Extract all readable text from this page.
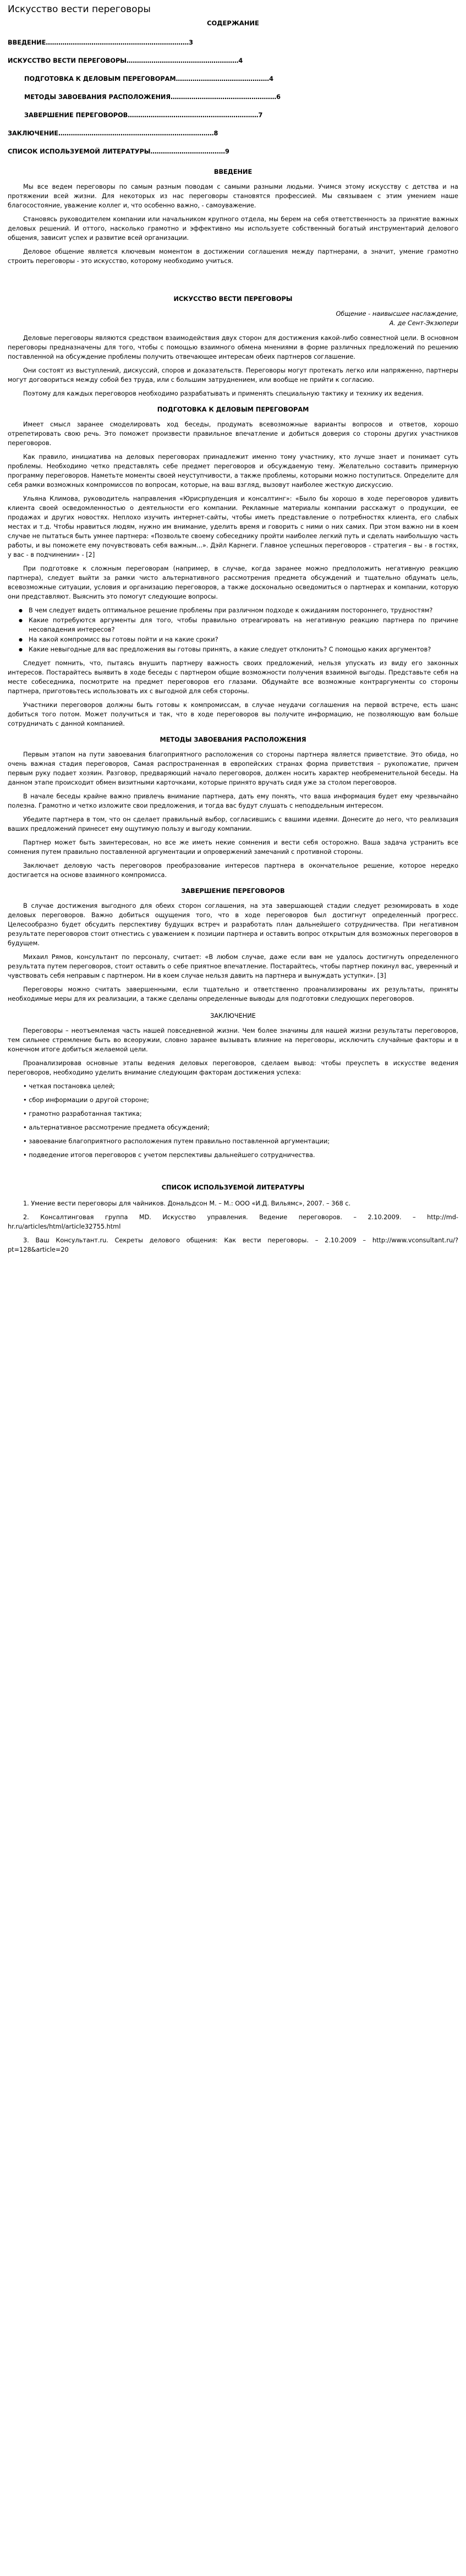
Искусство вести переговоры
СОДЕРЖАНИЕ
ВВЕДЕНИЕ……………………………………………………………3
ИСКУССТВО ВЕСТИ ПЕРЕГОВОРЫ………………………………………………4
ПОДГОТОВКА К ДЕЛОВЫМ ПЕРЕГОВОРАМ………………………………………4
МЕТОДЫ ЗАВОЕВАНИЯ РАСПОЛОЖЕНИЯ……………………………………………6
ЗАВЕРШЕНИЕ ПЕРЕГОВОРОВ………………………………………………………7
ЗАКЛЮЧЕНИЕ…………………………………………………………………8
СПИСОК ИСПОЛЬЗУЕМОЙ ЛИТЕРАТУРЫ………………………………9
ВВЕДЕНИЕ

Мы все ведем переговоры по самым разным поводам с самыми разными людьми. Учимся этому искусству с детства и на протяжении всей жизни. Для некоторых из нас переговоры становятся профессией. Мы связываем с этим умением наше благосостояние, уважение коллег и, что особенно важно, - самоуважение.

Становясь руководителем компании или начальником крупного отдела, мы берем на себя ответственность за принятие важных деловых решений. И оттого, насколько грамотно и эффективно мы используете собственный богатый инструментарий делового общения, зависит успех и развитие всей организации.

Деловое общение является ключевым моментом в достижении соглашения между партнерами, а значит, умение грамотно строить переговоры - это искусство, которому необходимо учиться.

ИСКУССТВО ВЕСТИ ПЕРЕГОВОРЫ

Общение - наивысшее наслаждение,

А. де Сент-Экзюпери

Деловые переговоры являются средством взаимодействия двух сторон для достижения какой-либо совместной цели. В основном переговоры предназначены для того, чтобы с помощью взаимного обмена мнениями в форме различных предложений по решению поставленной на обсуждение проблемы получить отвечающее интересам обеих партнеров соглашение.

Они состоят из выступлений, дискуссий, споров и доказательств. Переговоры могут протекать легко или напряженно, партнеры могут договориться между собой без труда, или с большим затруднением, или вообще не прийти к согласию.

Поэтому для каждых переговоров необходимо разрабатывать и применять специальную тактику и технику их ведения.

ПОДГОТОВКА К ДЕЛОВЫМ ПЕРЕГОВОРАМ

Имеет смысл заранее смоделировать ход беседы, продумать всевозможные варианты вопросов и ответов, хорошо отрепетировать свою речь. Это поможет произвести правильное впечатление и добиться доверия со стороны других участников переговоров.

Как правило, инициатива на деловых переговорах принадлежит именно тому участнику, кто лучше знает и понимает суть проблемы. Необходимо четко представлять себе предмет переговоров и обсуждаемую тему. Желательно составить примерную программу переговоров. Наметьте моменты своей неуступчивости, а также проблемы, которыми можно поступиться. Определите для себя рамки возможных компромиссов по вопросам, которые, на ваш взгляд, вызовут наиболее жесткую дискуссию.

Ульяна Климова, руководитель направления «Юрисрпуденция и консалтинг»: «Было бы хорошо в ходе переговоров удивить клиента своей осведомленностью о деятельности его компании. Рекламные материалы компании расскажут о продукции, ее продажах и других новостях. Неплохо изучить интернет-сайты, чтобы иметь представление о потребностях клиента, его слабых местах и т.д. Чтобы нравиться людям, нужно им внимание, уделить время и говорить с ними о них самих. При этом важно ни в коем случае не пытаться быть умнее партнера: «Позвольте своему собеседнику пройти наиболее легкий путь и сделать наибольшую часть работы, и вы поможете ему почувствовать себя важным...». Дэйл Карнеги. Главное успешных переговоров - стратегия – вы - в гостях, у вас - в подчинении» - [2]

При подготовке к сложным переговорам (например, в случае, когда заранее можно предположить негативную реакцию партнера), следует выйти за рамки чисто альтернативного рассмотрения предмета обсуждений и тщательно обдумать цель, всевозможные ситуации, условия и организацию переговоров, а также досконально осведомиться о партнерах и компании, которую они представляют. Выяснить это помогут следующие вопросы.

● В чем следует видеть оптимальное решение проблемы при различном подходе к ожиданиям постороннего, трудностям?
● Какие потребуются аргументы для того, чтобы правильно отреагировать на негативную реакцию партнера по причине несовпадения интересов?
● На какой компромисс вы готовы пойти и на какие сроки?
● Какие невыгодные для вас предложения вы готовы принять, а какие следует отклонить? С помощью каких аргументов?

Следует помнить, что, пытаясь внушить партнеру важность своих предложений, нельзя упускать из виду его законных интересов. Постарайтесь выявить в ходе беседы с партнером общие возможности получения взаимной выгоды. Представьте себя на месте собеседника, посмотрите на предмет переговоров его глазами. Обдумайте все возможные контраргументы со стороны партнера, приготовьтесь использовать их с выгодной для себя стороны.

Участники переговоров должны быть готовы к компромиссам, в случае неудачи соглашения на первой встрече, есть шанс добиться того потом. Может получиться и так, что в ходе переговоров вы получите информацию, не позволяющую вам больше сотрудничать с данной компанией.

МЕТОДЫ ЗАВОЕВАНИЯ РАСПОЛОЖЕНИЯ

Первым этапом на пути завоевания благоприятного расположения со стороны партнера является приветствие. Это обида, но очень важная стадия переговоров, Самая распространенная в европейских странах форма приветствия – рукопожатие, причем первым руку подает хозяин. Разговор, предваряющий начало переговоров, должен носить характер необременительной беседы. На данном этапе происходит обмен визитными карточками, которые принято вручать сидя уже за столом переговоров.

В начале беседы крайне важно привлечь внимание партнера, дать ему понять, что ваша информация будет ему чрезвычайно полезна. Грамотно и четко изложите свои предложения, и тогда вас будут слушать с неподдельным интересом.

Убедите партнера в том, что он сделает правильный выбор, согласившись с вашими идеями. Донесите до него, что реализация ваших предложений принесет ему ощутимую пользу и выгоду компании.

Партнер может быть заинтересован, но все же иметь некие сомнения и вести себя осторожно. Ваша задача устранить все сомнения путем правильно поставленной аргументации и опровержений замечаний с противной стороны.

Заключает деловую часть переговоров преобразование интересов партнера в окончательное решение, которое нередко достигается на основе взаимного компромисса.

ЗАВЕРШЕНИЕ ПЕРЕГОВОРОВ

В случае достижения выгодного для обеих сторон соглашения, на эта завершающей стадии следует резюмировать в ходе деловых переговоров. Важно добиться ощущения того, что в ходе переговоров был достигнут определенный прогресс. Целесообразно будет обсудить перспективу будущих встреч и разработать план дальнейшего сотрудничества. При негативном результате переговоров стоит отнестись с уважением к позиции партнера и оставить вопрос открытым для возможных переговоров в будущем.

Михаил Рямов, консультант по персоналу, считает: «В любом случае, даже если вам не удалось достигнуть определенного результата путем переговоров, стоит оставить о себе приятное впечатление. Постарайтесь, чтобы партнер покинул вас, уверенный и чувствовать себя неправым с партнером. Ни в коем случае нельзя давить на партнера и вынуждать уступки». [3]

Переговоры можно считать завершенными, если тщательно и ответственно проанализированы их результаты, приняты необходимые меры для их реализации, а также сделаны определенные выводы для подготовки следующих переговоров.

ЗАКЛЮЧЕНИЕ

Переговоры – неотъемлемая часть нашей повседневной жизни. Чем более значимы для нашей жизни результаты переговоров, тем сильнее стремление быть во всеоружии, словно заранее вызывать влияние на переговоры, исключить случайные факторы и в конечном итоге добиться желаемой цели.

Проанализировав основные этапы ведения деловых переговоров, сделаем вывод: чтобы преуспеть в искусстве ведения переговоров, необходимо уделить внимание следующим факторам достижения успеха:

• четкая постановка целей;

• сбор информации о другой стороне;

• грамотно разработанная тактика;

• альтернативное рассмотрение предмета обсуждений;

• завоевание благоприятного расположения путем правильно поставленной аргументации;

• подведение итогов переговоров с учетом перспективы дальнейшего сотрудничества.

СПИСОК ИСПОЛЬЗУЕМОЙ ЛИТЕРАТУРЫ

1. Умение вести переговоры для чайников. Дональдсон М. – М.: ООО «И.Д. Вильямс», 2007. – 368 с.

2. Консалтинговая группа MD. Искусство управления. Ведение переговоров. – 2.10.2009. – http://md-hr.ru/articles/html/article32755.html

3. Ваш Консультант.ru. Секреты делового общения: Как вести переговоры. – 2.10.2009 – http://www.vconsultant.ru/?pt=128&article=20
